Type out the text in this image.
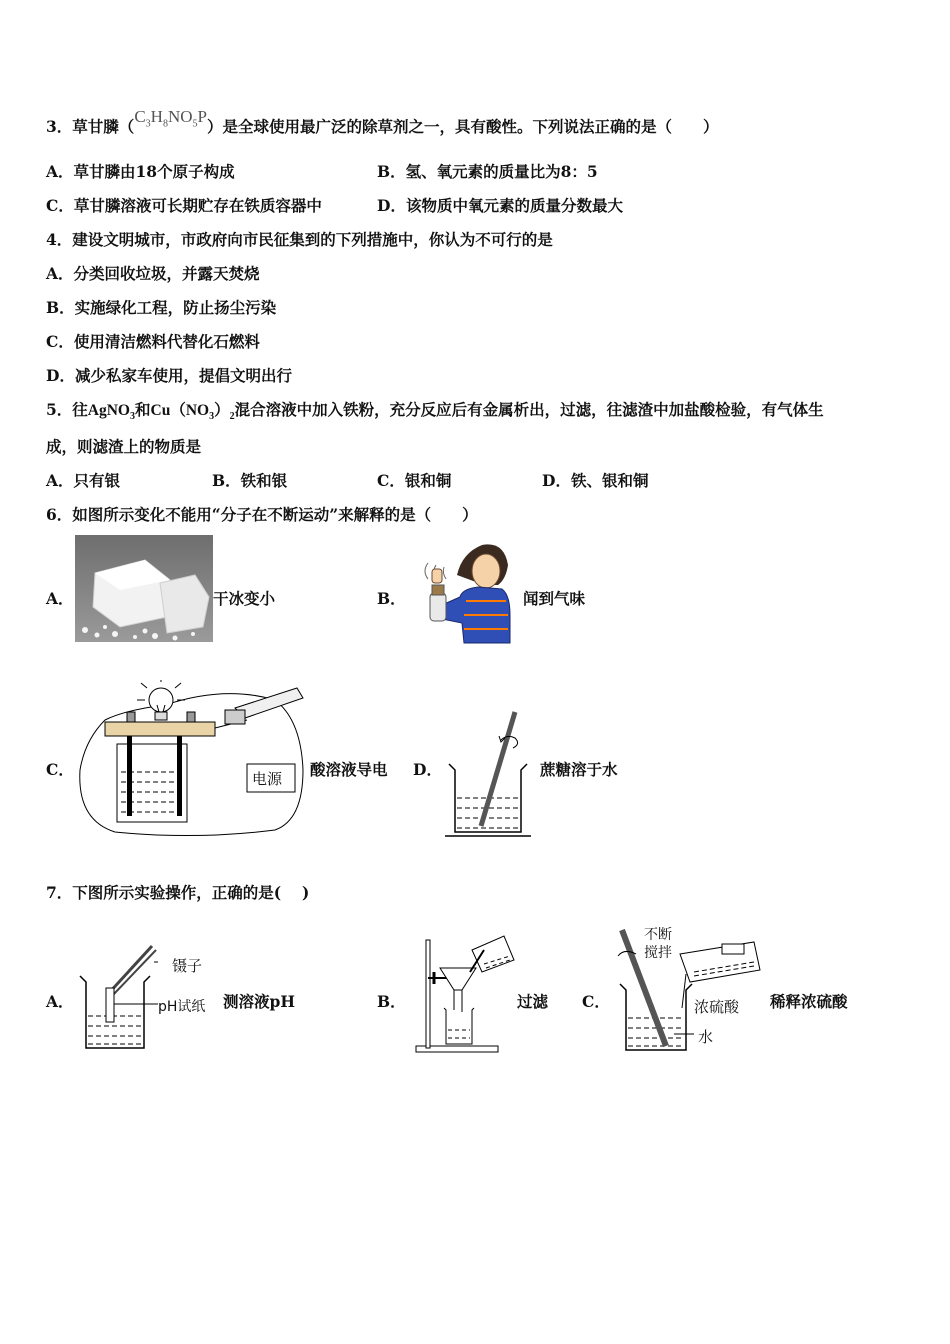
3．草甘膦$(C_3H_8NO_5P)$是全球使用最广泛的除草剂之一，具有酸性。下列说法正确的是（　　）
A．草甘膦由18个原子构成	B．氢、氧元素的质量比为8：5
C．草甘膦溶液可长期贮存在铁质容器中	D．该物质中氧元素的质量分数最大
4．建设文明城市，市政府向市民征集到的下列措施中，你认为不可行的是
A．分类回收垃圾，并露天焚烧
B．实施绿化工程，防止扬尘污染
C．使用清洁燃料代替化石燃料
D．减少私家车使用，提倡文明出行
5．往AgNO$_3$和$Cu(NO_3)_2$混合溶液中加入铁粉，充分反应后有金属析出，过滤，往滤渣中加盐酸检验，有气体生
成，则滤渣上的物质是
A．只有银	B．铁和银	C．银和铜	D．铁、银和铜
6．如图所示变化不能用“分子在不断运动”来解释的是（　　）
A．	干冰变小	B．	闻到气味
C．	电源 酸溶液导电 D．	蔗糖溶于水
7．下图所示实验操作，正确的是(　 )
A．
镊子
pH试纸 测溶液pH	B．	过滤 C．
不断搅拌
浓硫酸
水
稀释浓硫酸
